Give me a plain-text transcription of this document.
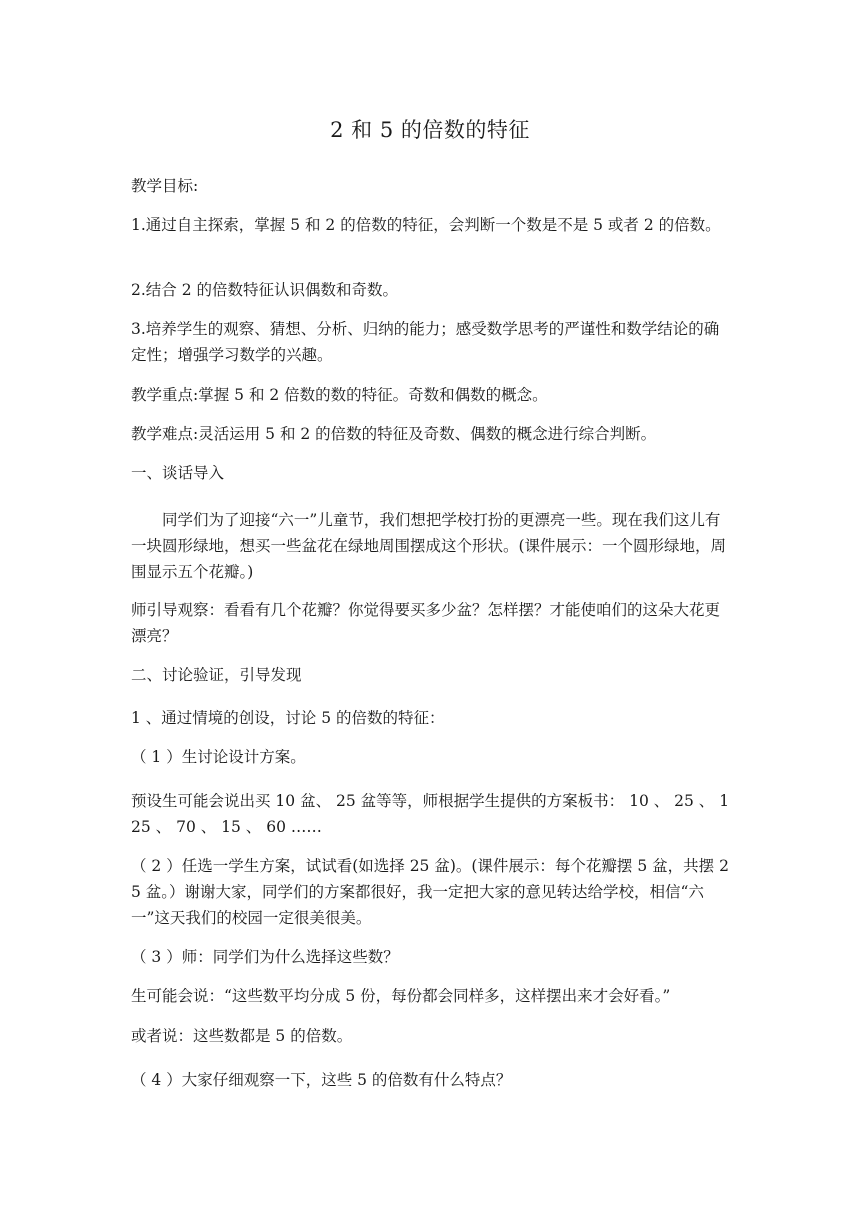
2 和 5 的倍数的特征
教学目标:
1.通过自主探索，掌握 5 和 2 的倍数的特征，会判断一个数是不是 5 或者 2 的倍数。
2.结合 2 的倍数特征认识偶数和奇数。
3.培养学生的观察、猜想、分析、归纳的能力；感受数学思考的严谨性和数学结论的确定性；增强学习数学的兴趣。
教学重点:掌握 5 和 2 倍数的数的特征。奇数和偶数的概念。
教学难点:灵活运用 5 和 2 的倍数的特征及奇数、偶数的概念进行综合判断。
一、谈话导入
　　同学们为了迎接“六一”儿童节，我们想把学校打扮的更漂亮一些。现在我们这儿有一块圆形绿地，想买一些盆花在绿地周围摆成这个形状。(课件展示：一个圆形绿地，周围显示五个花瓣。)
师引导观察：看看有几个花瓣？你觉得要买多少盆？怎样摆？才能使咱们的这朵大花更漂亮？
二、讨论验证，引导发现
1 、通过情境的创设，讨论 5 的倍数的特征：
（ 1 ）生讨论设计方案。
预设生可能会说出买 10 盆、 25 盆等等，师根据学生提供的方案板书： 10 、 25 、 125 、 70 、 15 、 60 ……
（ 2 ）任选一学生方案，试试看(如选择 25 盆)。(课件展示：每个花瓣摆 5 盆，共摆 25 盆。）谢谢大家，同学们的方案都很好，我一定把大家的意见转达给学校，相信“六一”这天我们的校园一定很美很美。
（ 3 ）师：同学们为什么选择这些数？
生可能会说：“这些数平均分成 5 份，每份都会同样多，这样摆出来才会好看。”
或者说：这些数都是 5 的倍数。
（ 4 ）大家仔细观察一下，这些 5 的倍数有什么特点？
